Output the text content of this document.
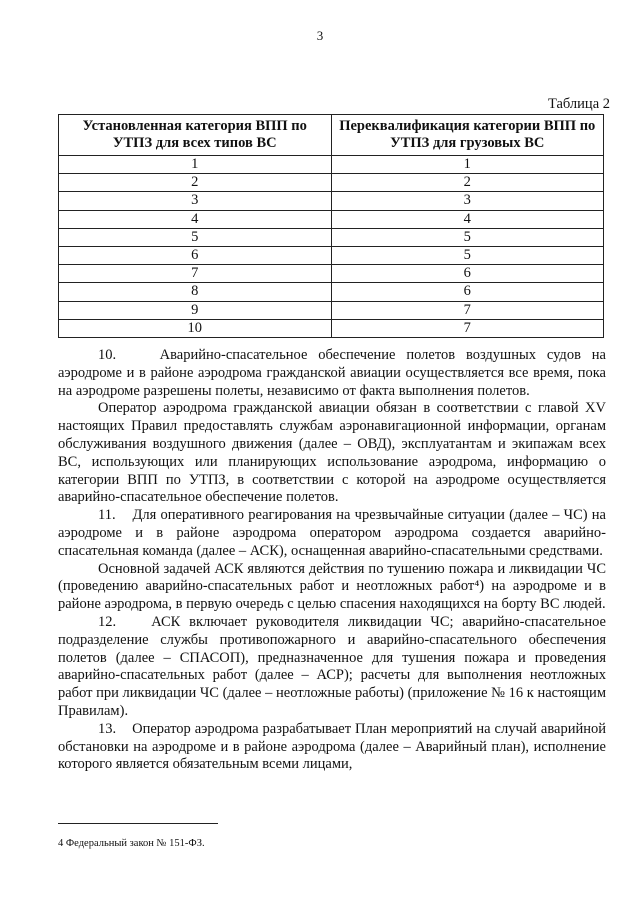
3
Таблица 2
Установленная категория ВПП по УТПЗ для всех типов ВС	Переквалификация категории ВПП по УТПЗ для грузовых ВС
1	1
2	2
3	3
4	4
5	5
6	5
7	6
8	6
9	7
10	7

10.    Аварийно-спасательное обеспечение полетов воздушных судов на аэродроме и в районе аэродрома гражданской авиации осуществляется все время, пока на аэродроме разрешены полеты, независимо от факта выполнения полетов.

Оператор аэродрома гражданской авиации обязан в соответствии с главой XV настоящих Правил предоставлять службам аэронавигационной информации, органам обслуживания воздушного движения (далее – ОВД), эксплуатантам и экипажам всех ВС, использующих или планирующих использование аэродрома, информацию о категории ВПП по УТПЗ, в соответствии с которой на аэродроме осуществляется аварийно-спасательное обеспечение полетов.

11.    Для оперативного реагирования на чрезвычайные ситуации (далее – ЧС) на аэродроме и в районе аэродрома оператором аэродрома создается аварийно-спасательная команда (далее – АСК), оснащенная аварийно-спасательными средствами.

Основной задачей АСК являются действия по тушению пожара и ликвидации ЧС (проведению аварийно-спасательных работ и неотложных работ⁴) на аэродроме и в районе аэродрома, в первую очередь с целью спасения находящихся на борту ВС людей.

12.    АСК включает руководителя ликвидации ЧС; аварийно-спасательное подразделение службы противопожарного и аварийно-спасательного обеспечения полетов (далее – СПАСОП), предназначенное для тушения пожара и проведения аварийно-спасательных работ (далее – АСР); расчеты для выполнения неотложных работ при ликвидации ЧС (далее – неотложные работы) (приложение № 16 к настоящим Правилам).

13.    Оператор аэродрома разрабатывает План мероприятий на случай аварийной обстановки на аэродроме и в районе аэродрома (далее – Аварийный план), исполнение которого является обязательным всеми лицами,

4 Федеральный закон № 151-ФЗ.
